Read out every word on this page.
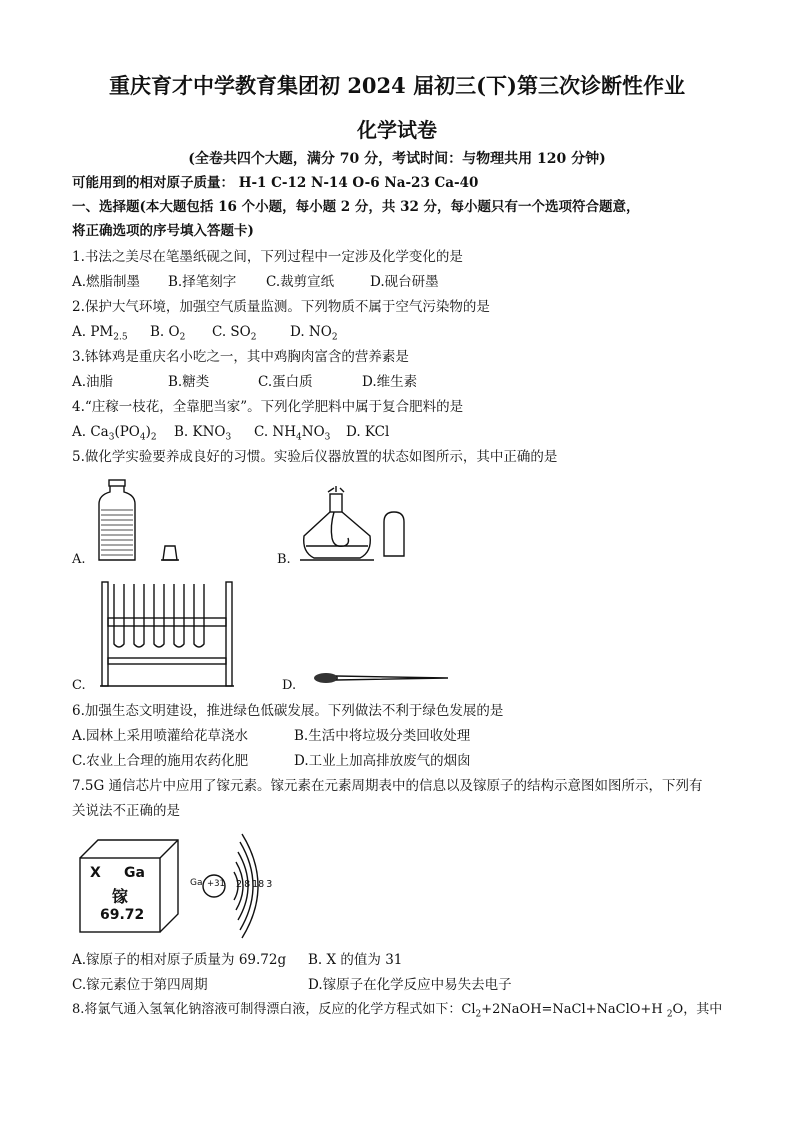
重庆育才中学教育集团初 2024 届初三(下)第三次诊断性作业
化学试卷
(全卷共四个大题，满分 70 分，考试时间：与物理共用 120 分钟)
可能用到的相对原子质量： H-1 C-12 N-14 O-6 Na-23 Ca-40
一、选择题(本大题包括 16 个小题，每小题 2 分，共 32 分，每小题只有一个选项符合题意，
将正确选项的序号填入答题卡)
1.书法之美尽在笔墨纸砚之间，下列过程中一定涉及化学变化的是
A.燃脂制墨 B.择笔刻字 C.裁剪宣纸	D.砚台研墨
2.保护大气环境，加强空气质量监测。下列物质不属于空气污染物的是
A. $PM_{2.5}$ B. $O_2$ C. $SO_2$ D. $NO_2$
3.钵钵鸡是重庆名小吃之一，其中鸡胸肉富含的营养素是
A.油脂	B.糖类	C.蛋白质	D.维生素
4.“庄稼一枝花，全靠肥当家”。下列化学肥料中属于复合肥料的是
A. $Ca_3(PO_4)_2$ B. $KNO_3$ C. $NH_4NO_3$ D. KCl
5.做化学实验要养成良好的习惯。实验后仪器放置的状态如图所示，其中正确的是
A.	B.
C.	D.
6.加强生态文明建设，推进绿色低碳发展。下列做法不利于绿色发展的是
A.园林上采用喷灌给花草浇水	B.生活中将垃圾分类回收处理
C.农业上合理的施用农药化肥	D.工业上加高排放废气的烟囱
7.5G 通信芯片中应用了镓元素。镓元素在元素周期表中的信息以及镓原子的结构示意图如图所示，下列有
关说法不正确的是
X Ga
镓
69.72
Ga +31 2 8 18 3
A.镓原子的相对原子质量为 69.72g B. X 的值为 31
C.镓元素位于第四周期	D.镓原子在化学反应中易失去电子
8.将氯气通入氢氧化钠溶液可制得漂白液，反应的化学方程式如下：$Cl_2+2NaOH=NaCl+NaClO+H$ $_2$O，其中
